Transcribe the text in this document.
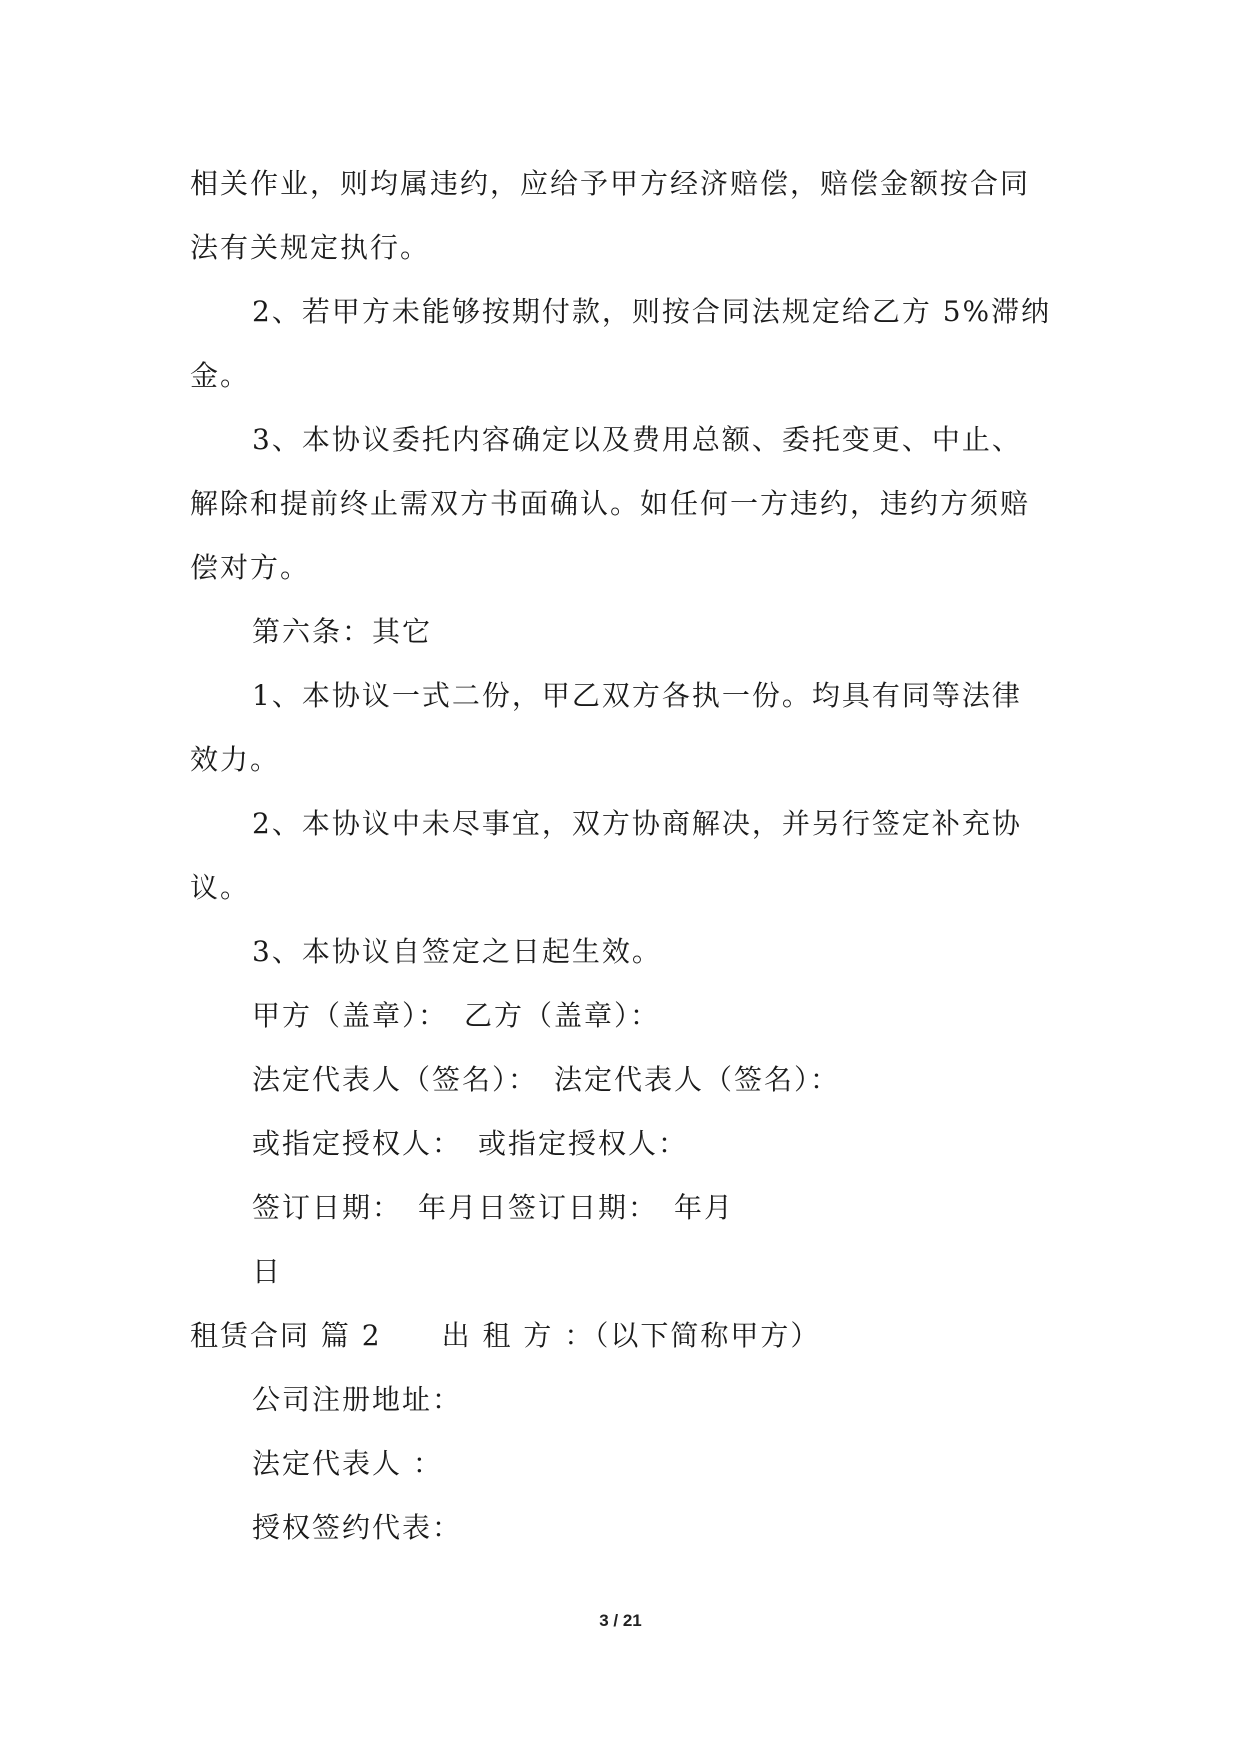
相关作业，则均属违约，应给予甲方经济赔偿，赔偿金额按合同
法有关规定执行。
2、若甲方未能够按期付款，则按合同法规定给乙方 5%滞纳
金。
3、本协议委托内容确定以及费用总额、委托变更、中止、
解除和提前终止需双方书面确认。如任何一方违约，违约方须赔
偿对方。
第六条：其它
1、本协议一式二份，甲乙双方各执一份。均具有同等法律
效力。
2、本协议中未尽事宜，双方协商解决，并另行签定补充协
议。
3、本协议自签定之日起生效。
甲方（盖章）：　乙方（盖章）：
法定代表人（签名）：　法定代表人（签名）：
或指定授权人：　或指定授权人：
签订日期：　年月日签订日期：　年月
日
租赁合同 篇 2　　出 租 方 ：（以下简称甲方）
公司注册地址：
法定代表人 ：
授权签约代表：
3 / 21
